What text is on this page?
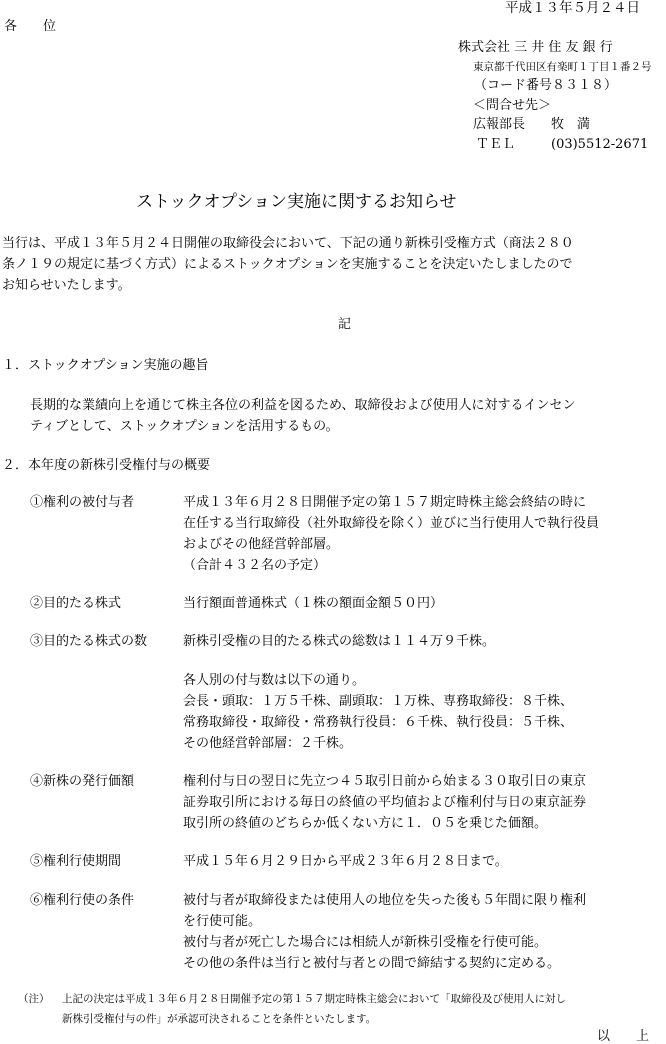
平成１３年５月２４日
各　　位
株式会社 三 井 住 友 銀 行
東京都千代田区有楽町１丁目１番２号
（コード番号８３１８）
＜問合せ先＞
広報部長　　牧　満
ＴＥＬ	(03)5512-2671
ストックオプション実施に関するお知らせ
当行は、平成１３年５月２４日開催の取締役会において、下記の通り新株引受権方式（商法２８０
条ノ１９の規定に基づく方式）によるストックオプションを実施することを決定いたしましたので
お知らせいたします。
記
１．ストックオプション実施の趣旨
長期的な業績向上を通じて株主各位の利益を図るため、取締役および使用人に対するインセン
ティブとして、ストックオプションを活用するもの。
２．本年度の新株引受権付与の概要
①権利の被付与者	平成１３年６月２８日開催予定の第１５７期定時株主総会終結の時に
在任する当行取締役（社外取締役を除く）並びに当行使用人で執行役員
およびその他経営幹部層。
（合計４３２名の予定）
②目的たる株式	当行額面普通株式（１株の額面金額５０円）
③目的たる株式の数	新株引受権の目的たる株式の総数は１１４万９千株。
各人別の付与数は以下の通り。
会長・頭取：１万５千株、副頭取：１万株、専務取締役：８千株、
常務取締役・取締役・常務執行役員：６千株、執行役員：５千株、
その他経営幹部層：２千株。
④新株の発行価額	権利付与日の翌日に先立つ４５取引日前から始まる３０取引日の東京
証券取引所における毎日の終値の平均値および権利付与日の東京証券
取引所の終値のどちらか低くない方に１．０５を乗じた価額。
⑤権利行使期間	平成１５年６月２９日から平成２３年６月２８日まで。
⑥権利行使の条件	被付与者が取締役または使用人の地位を失った後も５年間に限り権利
を行使可能。
被付与者が死亡した場合には相続人が新株引受権を行使可能。
その他の条件は当行と被付与者との間で締結する契約に定める。
（注） 上記の決定は平成１３年６月２８日開催予定の第１５７期定時株主総会において「取締役及び使用人に対し
新株引受権付与の件」が承認可決されることを条件といたします。
以　　上
